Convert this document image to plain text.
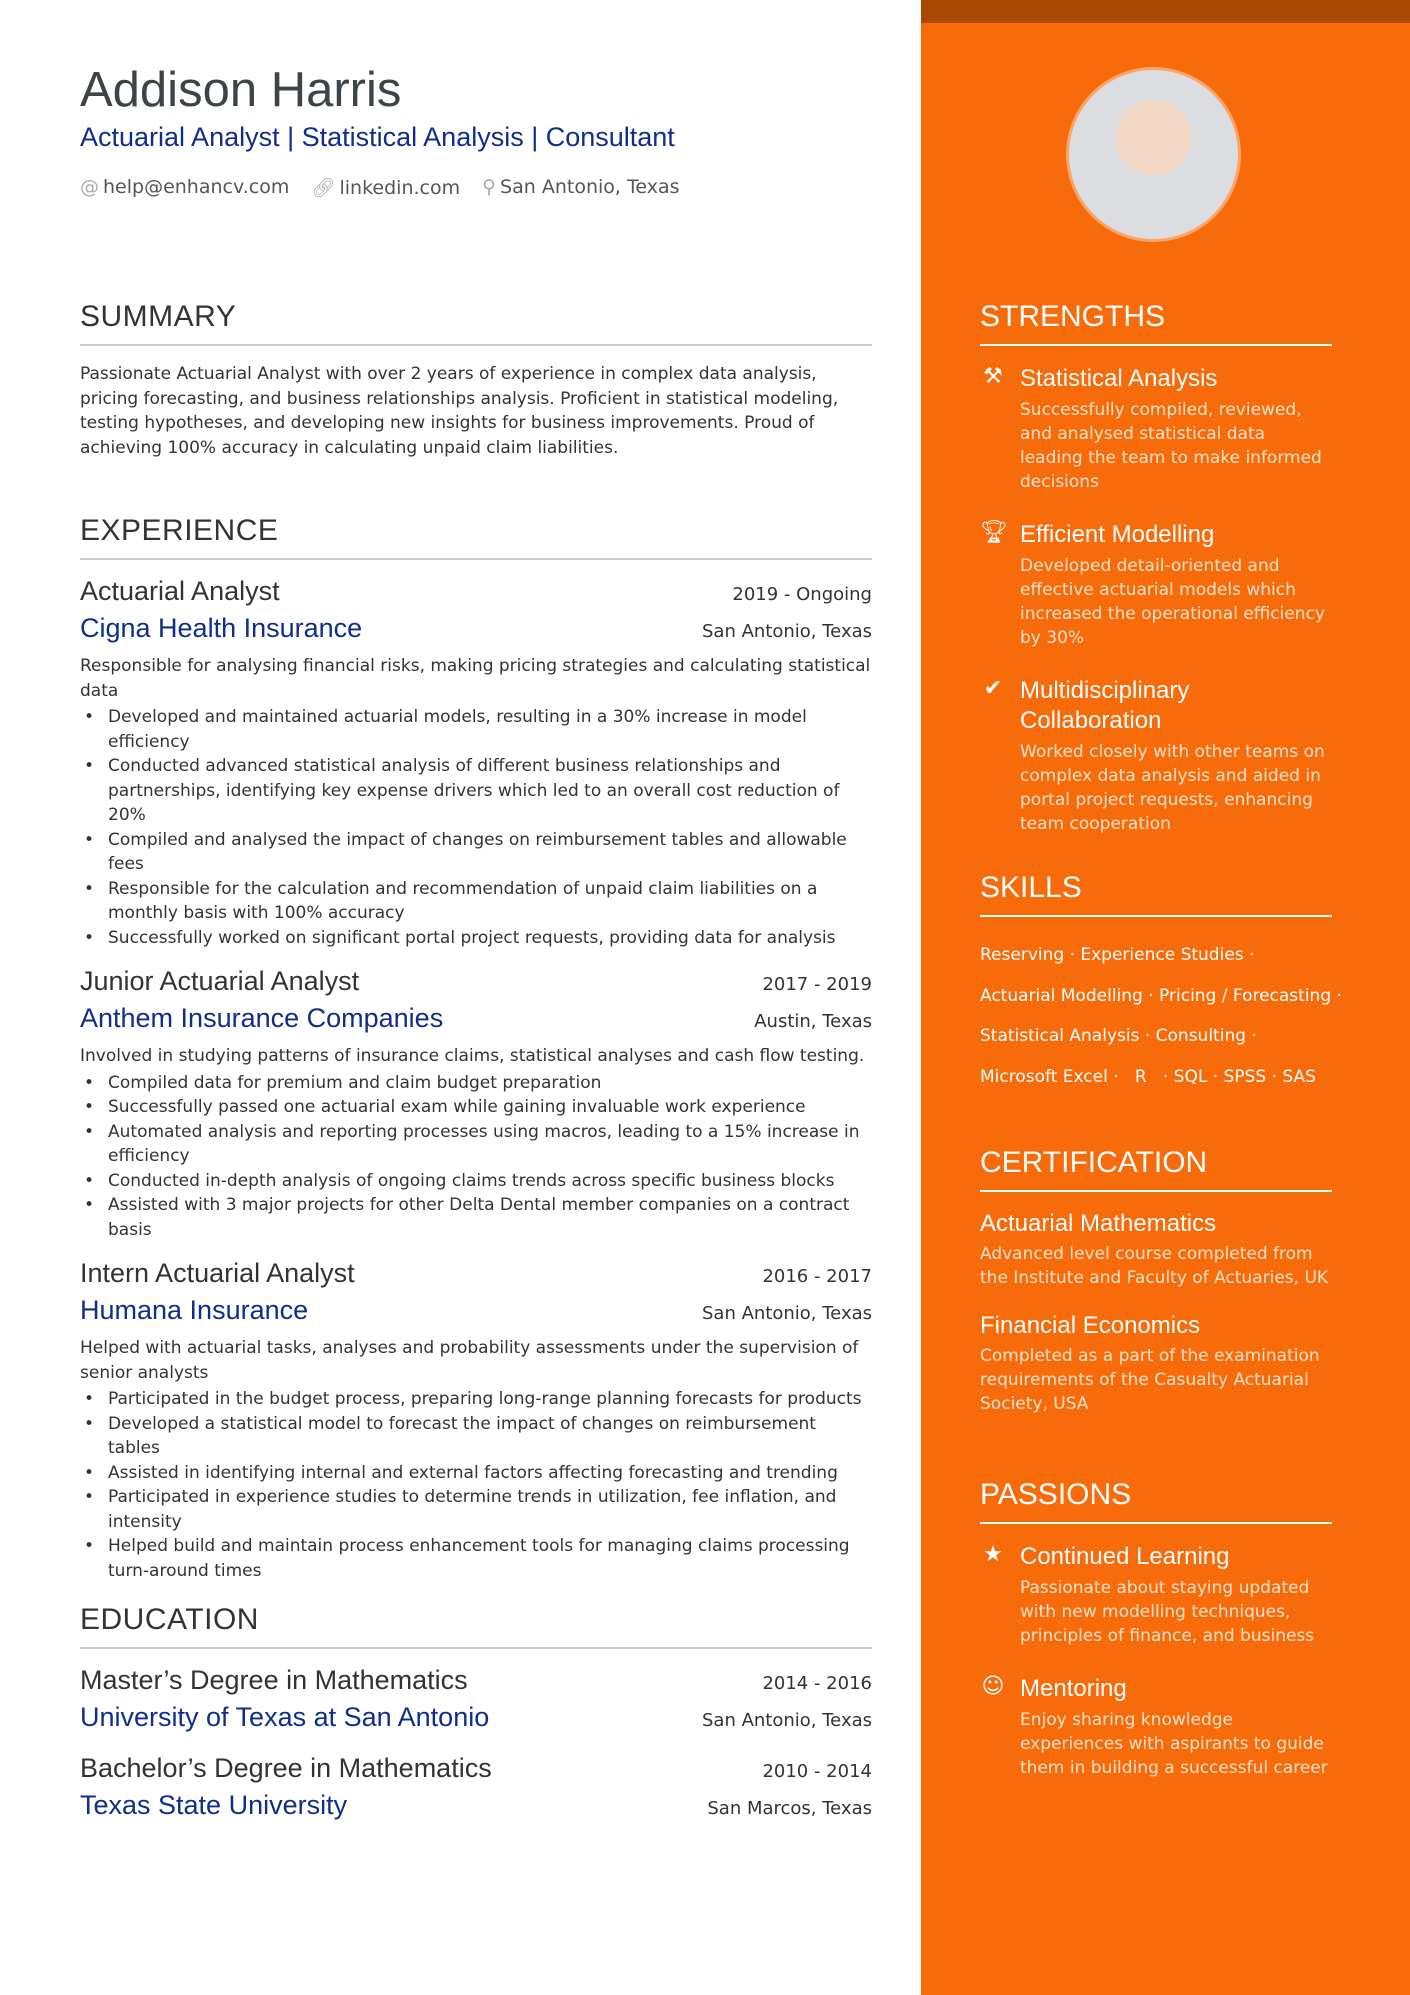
Addison Harris
Actuarial Analyst | Statistical Analysis | Consultant
@ help@enhancv.com 🔗︎ linkedin.com ⚲ San Antonio, Texas
SUMMARY
Passionate Actuarial Analyst with over 2 years of experience in complex data analysis, pricing forecasting, and business relationships analysis. Proficient in statistical modeling, testing hypotheses, and developing new insights for business improvements. Proud of achieving 100% accuracy in calculating unpaid claim liabilities.
EXPERIENCE
Actuarial Analyst	2019 - Ongoing
Cigna Health Insurance	San Antonio, Texas
Responsible for analysing financial risks, making pricing strategies and calculating statistical data
• Developed and maintained actuarial models, resulting in a 30% increase in model efficiency
• Conducted advanced statistical analysis of different business relationships and partnerships, identifying key expense drivers which led to an overall cost reduction of 20%
• Compiled and analysed the impact of changes on reimbursement tables and allowable fees
• Responsible for the calculation and recommendation of unpaid claim liabilities on a monthly basis with 100% accuracy
• Successfully worked on significant portal project requests, providing data for analysis
Junior Actuarial Analyst	2017 - 2019
Anthem Insurance Companies	Austin, Texas
Involved in studying patterns of insurance claims, statistical analyses and cash flow testing.
• Compiled data for premium and claim budget preparation
• Successfully passed one actuarial exam while gaining invaluable work experience
• Automated analysis and reporting processes using macros, leading to a 15% increase in efficiency
• Conducted in-depth analysis of ongoing claims trends across specific business blocks
• Assisted with 3 major projects for other Delta Dental member companies on a contract basis
Intern Actuarial Analyst	2016 - 2017
Humana Insurance	San Antonio, Texas
Helped with actuarial tasks, analyses and probability assessments under the supervision of senior analysts
• Participated in the budget process, preparing long-range planning forecasts for products
• Developed a statistical model to forecast the impact of changes on reimbursement tables
• Assisted in identifying internal and external factors affecting forecasting and trending
• Participated in experience studies to determine trends in utilization, fee inflation, and intensity
• Helped build and maintain process enhancement tools for managing claims processing turn-around times
EDUCATION
Master’s Degree in Mathematics	2014 - 2016
University of Texas at San Antonio	San Antonio, Texas
Bachelor’s Degree in Mathematics	2010 - 2014
Texas State University	San Marcos, Texas
STRENGTHS
⚒ Statistical Analysis
Successfully compiled, reviewed, and analysed statistical data leading the team to make informed decisions
🏆︎ Efficient Modelling
Developed detail-oriented and effective actuarial models which increased the operational efficiency by 30%
✔ Multidisciplinary Collaboration
Worked closely with other teams on complex data analysis and aided in portal project requests, enhancing team cooperation
SKILLS
Reserving · Experience Studies ·
Actuarial Modelling · Pricing / Forecasting ·
Statistical Analysis · Consulting ·
Microsoft Excel ·   R   · SQL · SPSS · SAS
CERTIFICATION
Actuarial Mathematics
Advanced level course completed from the Institute and Faculty of Actuaries, UK
Financial Economics
Completed as a part of the examination requirements of the Casualty Actuarial Society, USA
PASSIONS
★ Continued Learning
Passionate about staying updated with new modelling techniques, principles of finance, and business
☺ Mentoring
Enjoy sharing knowledge experiences with aspirants to guide them in building a successful career
